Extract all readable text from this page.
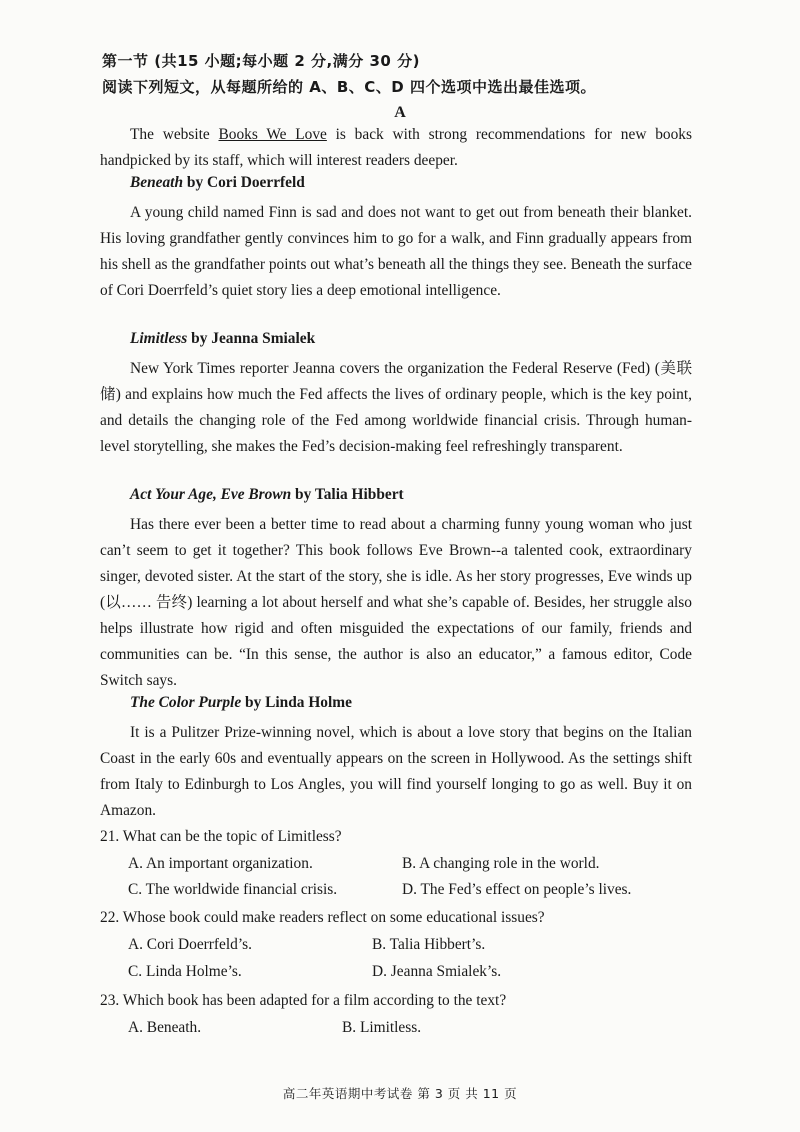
第一节 (共15 小题;每小题 2 分,满分 30 分)
阅读下列短文，从每题所给的 A、B、C、D 四个选项中选出最佳选项。
A

The website Books We Love is back with strong recommendations for new books handpicked by its staff, which will interest readers deeper.

Beneath by Cori Doerrfeld

A young child named Finn is sad and does not want to get out from beneath their blanket. His loving grandfather gently convinces him to go for a walk, and Finn gradually appears from his shell as the grandfather points out what’s beneath all the things they see. Beneath the surface of Cori Doerrfeld’s quiet story lies a deep emotional intelligence.

Limitless by Jeanna Smialek

New York Times reporter Jeanna covers the organization the Federal Reserve (Fed) (美联储) and explains how much the Fed affects the lives of ordinary people, which is the key point, and details the changing role of the Fed among worldwide financial crisis. Through human-level storytelling, she makes the Fed’s decision-making feel refreshingly transparent.

Act Your Age, Eve Brown by Talia Hibbert

Has there ever been a better time to read about a charming funny young woman who just can’t seem to get it together? This book follows Eve Brown--a talented cook, extraordinary singer, devoted sister. At the start of the story, she is idle. As her story progresses, Eve winds up (以…… 告终) learning a lot about herself and what she’s capable of. Besides, her struggle also helps illustrate how rigid and often misguided the expectations of our family, friends and communities can be. “In this sense, the author is also an educator,” a famous editor, Code Switch says.

The Color Purple by Linda Holme

It is a Pulitzer Prize-winning novel, which is about a love story that begins on the Italian Coast in the early 60s and eventually appears on the screen in Hollywood. As the settings shift from Italy to Edinburgh to Los Angles, you will find yourself longing to go as well. Buy it on Amazon.

21. What can be the topic of Limitless?
A. An important organization.	B. A changing role in the world.
C. The worldwide financial crisis.	D. The Fed’s effect on people’s lives.
22. Whose book could make readers reflect on some educational issues?
A. Cori Doerrfeld’s.	B. Talia Hibbert’s.
C. Linda Holme’s.	D. Jeanna Smialek’s.
23. Which book has been adapted for a film according to the text?
A. Beneath.	B. Limitless.
高二年英语期中考试卷 第 3 页 共 11 页
